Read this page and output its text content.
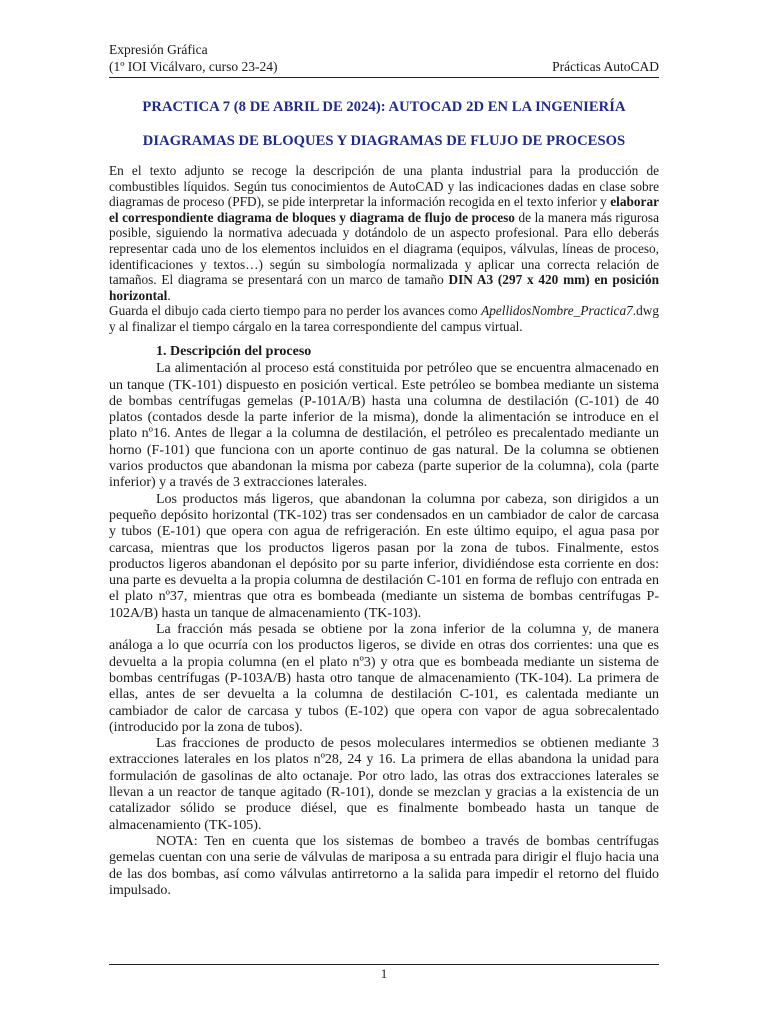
Expresión Gráfica
(1º IOI Vicálvaro, curso 23-24)	Prácticas AutoCAD
PRACTICA 7 (8 DE ABRIL DE 2024): AUTOCAD 2D EN LA INGENIERÍA
DIAGRAMAS DE BLOQUES Y DIAGRAMAS DE FLUJO DE PROCESOS

En el texto adjunto se recoge la descripción de una planta industrial para la producción de combustibles líquidos. Según tus conocimientos de AutoCAD y las indicaciones dadas en clase sobre diagramas de proceso (PFD), se pide interpretar la información recogida en el texto inferior y elaborar el correspondiente diagrama de bloques y diagrama de flujo de proceso de la manera más rigurosa posible, siguiendo la normativa adecuada y dotándolo de un aspecto profesional. Para ello deberás representar cada uno de los elementos incluidos en el diagrama (equipos, válvulas, líneas de proceso, identificaciones y textos…) según su simbología normalizada y aplicar una correcta relación de tamaños. El diagrama se presentará con un marco de tamaño DIN A3 (297 x 420 mm) en posición horizontal.

Guarda el dibujo cada cierto tiempo para no perder los avances como ApellidosNombre_Practica7.dwg y al finalizar el tiempo cárgalo en la tarea correspondiente del campus virtual.

1. Descripción del proceso

La alimentación al proceso está constituida por petróleo que se encuentra almacenado en un tanque (TK-101) dispuesto en posición vertical. Este petróleo se bombea mediante un sistema de bombas centrífugas gemelas (P-101A/B) hasta una columna de destilación (C-101) de 40 platos (contados desde la parte inferior de la misma), donde la alimentación se introduce en el plato nº16. Antes de llegar a la columna de destilación, el petróleo es precalentado mediante un horno (F-101) que funciona con un aporte continuo de gas natural. De la columna se obtienen varios productos que abandonan la misma por cabeza (parte superior de la columna), cola (parte inferior) y a través de 3 extracciones laterales.

Los productos más ligeros, que abandonan la columna por cabeza, son dirigidos a un pequeño depósito horizontal (TK-102) tras ser condensados en un cambiador de calor de carcasa y tubos (E-101) que opera con agua de refrigeración. En este último equipo, el agua pasa por carcasa, mientras que los productos ligeros pasan por la zona de tubos. Finalmente, estos productos ligeros abandonan el depósito por su parte inferior, dividiéndose esta corriente en dos: una parte es devuelta a la propia columna de destilación C-101 en forma de reflujo con entrada en el plato nº37, mientras que otra es bombeada (mediante un sistema de bombas centrífugas P-102A/B) hasta un tanque de almacenamiento (TK-103).

La fracción más pesada se obtiene por la zona inferior de la columna y, de manera análoga a lo que ocurría con los productos ligeros, se divide en otras dos corrientes: una que es devuelta a la propia columna (en el plato nº3) y otra que es bombeada mediante un sistema de bombas centrífugas (P-103A/B) hasta otro tanque de almacenamiento (TK-104). La primera de ellas, antes de ser devuelta a la columna de destilación C-101, es calentada mediante un cambiador de calor de carcasa y tubos (E-102) que opera con vapor de agua sobrecalentado (introducido por la zona de tubos).

Las fracciones de producto de pesos moleculares intermedios se obtienen mediante 3 extracciones laterales en los platos nº28, 24 y 16. La primera de ellas abandona la unidad para formulación de gasolinas de alto octanaje. Por otro lado, las otras dos extracciones laterales se llevan a un reactor de tanque agitado (R-101), donde se mezclan y gracias a la existencia de un catalizador sólido se produce diésel, que es finalmente bombeado hasta un tanque de almacenamiento (TK-105).

NOTA: Ten en cuenta que los sistemas de bombeo a través de bombas centrífugas gemelas cuentan con una serie de válvulas de mariposa a su entrada para dirigir el flujo hacia una de las dos bombas, así como válvulas antirretorno a la salida para impedir el retorno del fluido impulsado.

1
